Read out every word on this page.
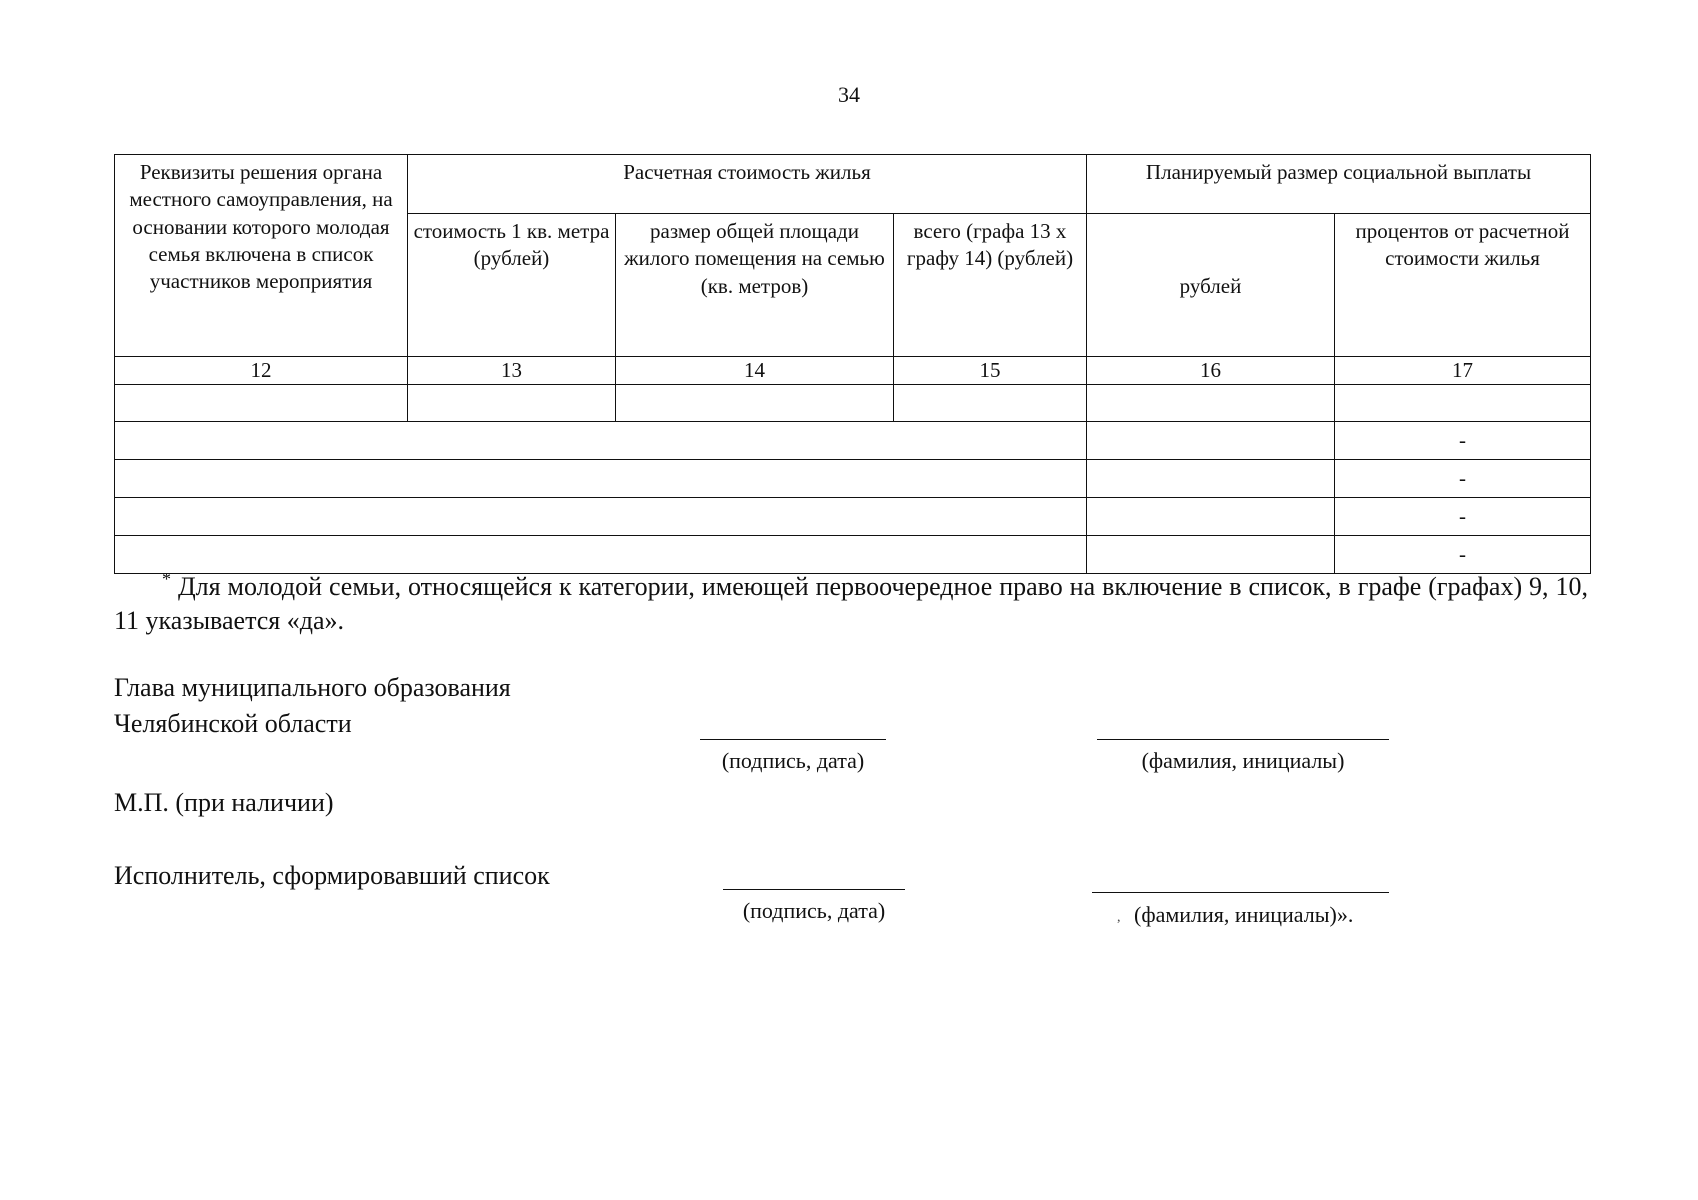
34
Реквизиты решения органа местного самоуправления, на основании которого молодая семья включена в список участников мероприятия	Расчетная стоимость жилья			Планируемый размер социальной выплаты	
	стоимость 1 кв. метра (рублей)	размер общей площади жилого помещения на семью (кв. метров)	всего (графа 13 х графу 14) (рублей)	рублей	процентов от расчетной стоимости жилья
12	13	14	15	16	17

					-
					-
					-
					-
* Для молодой семьи, относящейся к категории, имеющей первоочередное право на включение в список, в графе (графах) 9, 10, 11 указывается «да».
Глава муниципального образования
Челябинской области
(подпись, дата)	(фамилия, инициалы)
М.П. (при наличии)
Исполнитель, сформировавший список
(подпись, дата)	(фамилия, инициалы)».
,
